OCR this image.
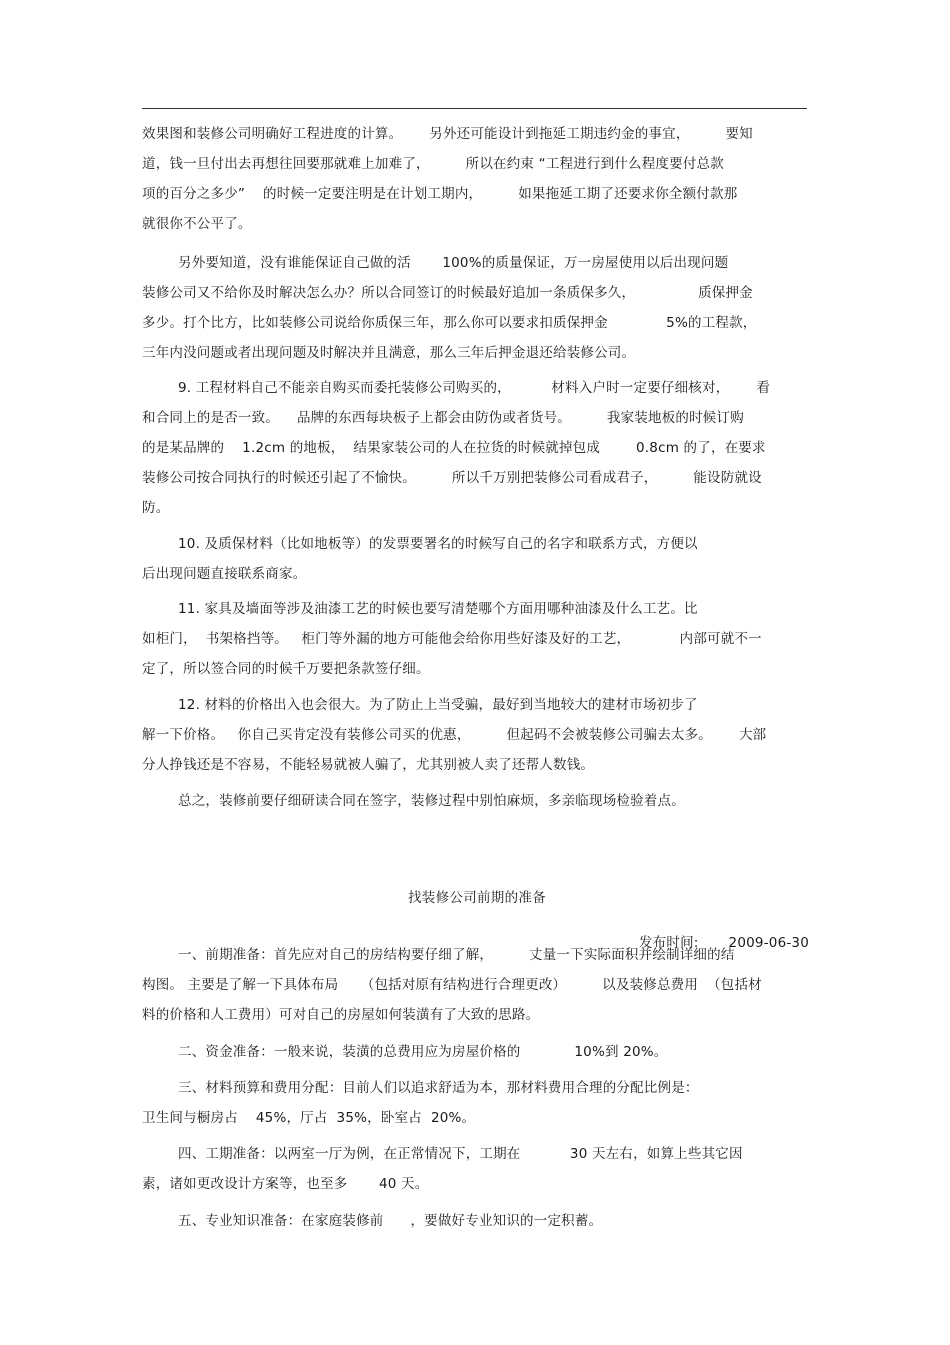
效果图和装修公司明确好工程进度的计算。      另外还可能设计到拖延工期违约金的事宜，        要知
道，钱一旦付出去再想往回要那就难上加难了，        所以在约束 “工程进行到什么程度要付总款
项的百分之多少”    的时候一定要注明是在计划工期内，        如果拖延工期了还要求你全额付款那
就很你不公平了。
另外要知道，没有谁能保证自己做的活       100%的质量保证，万一房屋使用以后出现问题
装修公司又不给你及时解决怎么办？所以合同签订的时候最好追加一条质保多久，              质保押金
多少。打个比方，比如装修公司说给你质保三年，那么你可以要求扣质保押金             5%的工程款，
三年内没问题或者出现问题及时解决并且满意，那么三年后押金退还给装修公司。
9. 工程材料自己不能亲自购买而委托装修公司购买的，         材料入户时一定要仔细核对，      看
和合同上的是否一致。    品牌的东西每块板子上都会由防伪或者货号。        我家装地板的时候订购
的是某品牌的    1.2cm 的地板，  结果家装公司的人在拉货的时候就掉包成        0.8cm 的了，在要求
装修公司按合同执行的时候还引起了不愉快。        所以千万别把装修公司看成君子，        能设防就设
防。
10. 及质保材料（比如地板等）的发票要署名的时候写自己的名字和联系方式，方便以
后出现问题直接联系商家。
11. 家具及墙面等涉及油漆工艺的时候也要写清楚哪个方面用哪种油漆及什么工艺。比
如柜门，  书架格挡等。   柜门等外漏的地方可能他会给你用些好漆及好的工艺，           内部可就不一
定了，所以签合同的时候千万要把条款签仔细。
12. 材料的价格出入也会很大。为了防止上当受骗，最好到当地较大的建材市场初步了
解一下价格。   你自己买肯定没有装修公司买的优惠，        但起码不会被装修公司骗去太多。      大部
分人挣钱还是不容易，不能轻易就被人骗了，尤其别被人卖了还帮人数钱。
总之，装修前要仔细研读合同在签字，装修过程中别怕麻烦，多亲临现场检验着点。
找装修公司前期的准备

发布时间: 2009-06-30

一、前期准备：首先应对自己的房结构要仔细了解，        丈量一下实际面积并绘制详细的结
构图。 主要是了解一下具体布局     （包括对原有结构进行合理更改）        以及装修总费用  （包括材
料的价格和人工费用）可对自己的房屋如何装潢有了大致的思路。
二、资金准备：一般来说，装潢的总费用应为房屋价格的            10%到 20%。
三、材料预算和费用分配：目前人们以追求舒适为本，那材料费用合理的分配比例是：
卫生间与橱房占    45%，厅占  35%，卧室占  20%。
四、工期准备：以两室一厅为例，在正常情况下，工期在           30 天左右，如算上些其它因
素，诸如更改设计方案等，也至多       40 天。
五、专业知识准备：在家庭装修前      ，要做好专业知识的一定积蓄。
